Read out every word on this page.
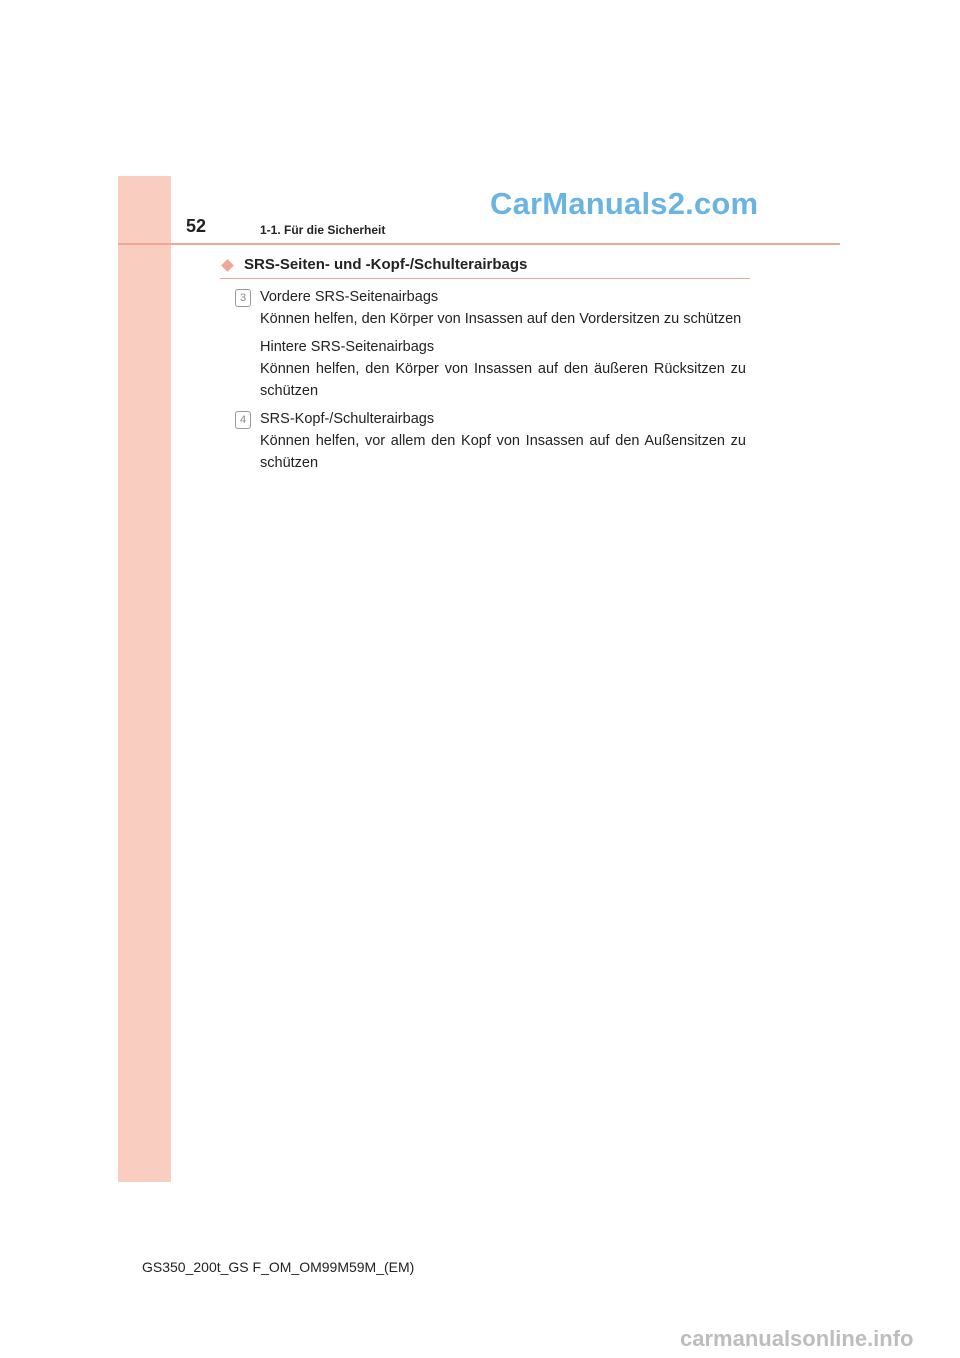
52	1-1. Für die Sicherheit
CarManuals2.com
SRS-Seiten- und -Kopf-/Schulterairbags
3 Vordere SRS-Seitenairbags
Können helfen, den Körper von Insassen auf den Vordersitzen zu schützen
Hintere SRS-Seitenairbags
Können helfen, den Körper von Insassen auf den äußeren Rücksitzen zu schützen
4 SRS-Kopf-/Schulterairbags
Können helfen, vor allem den Kopf von Insassen auf den Außensitzen zu schützen
GS350_200t_GS F_OM_OM99M59M_(EM)
carmanualsonline.info
